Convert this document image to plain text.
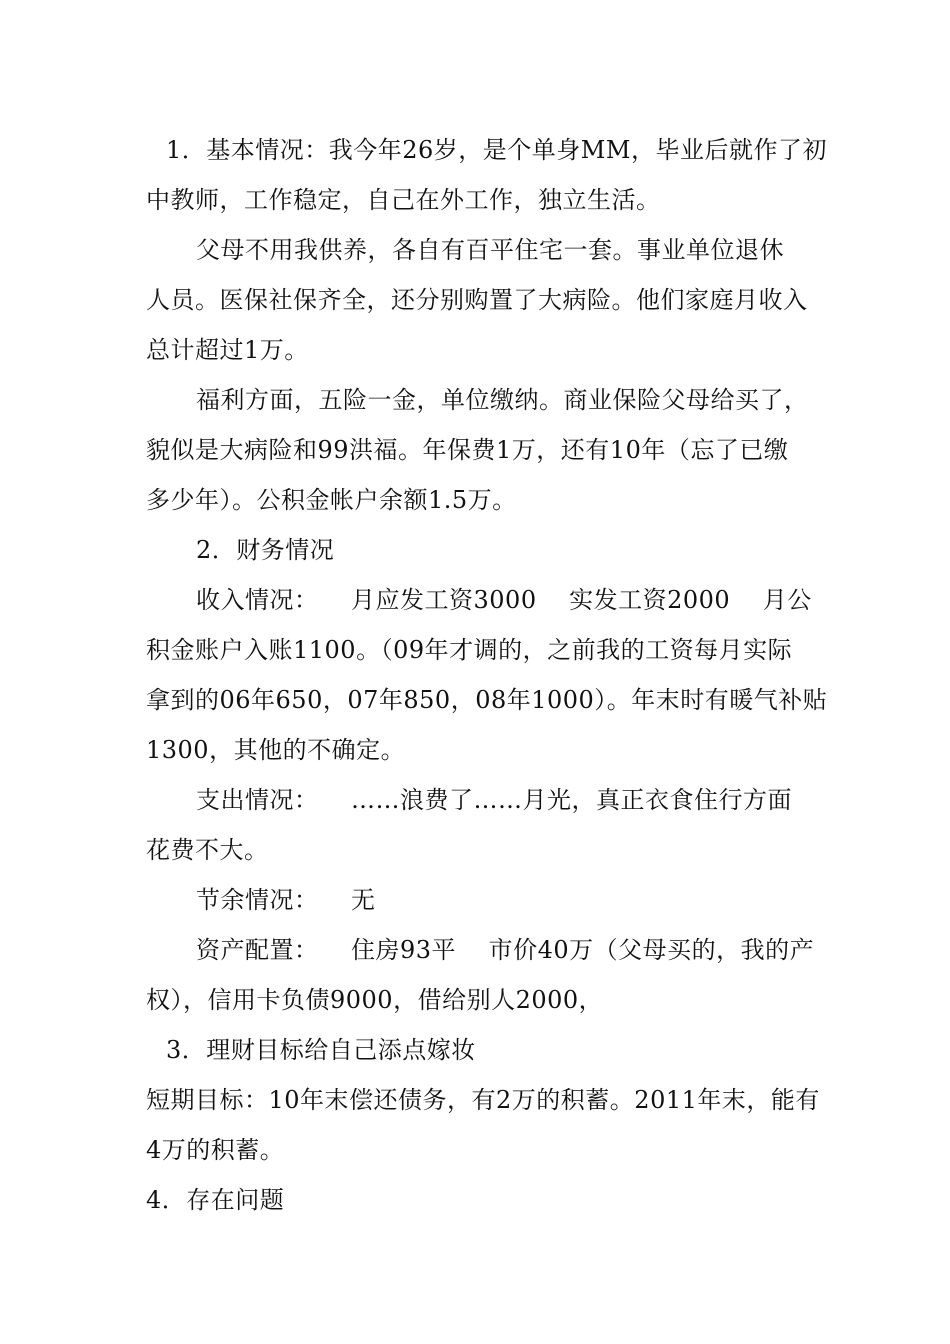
1．基本情况：我今年26岁，是个单身MM，毕业后就作了初
中教师，工作稳定，自己在外工作，独立生活。
父母不用我供养，各自有百平住宅一套。事业单位退休
人员。医保社保齐全，还分别购置了大病险。他们家庭月收入
总计超过1万。
福利方面，五险一金，单位缴纳。商业保险父母给买了，
貌似是大病险和99洪福。年保费1万，还有10年（忘了已缴
多少年）。公积金帐户余额1.5万。
2．财务情况
收入情况：    月应发工资3000    实发工资2000    月公
积金账户入账1100。（09年才调的，之前我的工资每月实际
拿到的06年650，07年850，08年1000）。年末时有暖气补贴
1300，其他的不确定。
支出情况：    ……浪费了……月光，真正衣食住行方面
花费不大。
节余情况：    无
资产配置：    住房93平    市价40万（父母买的，我的产
权），信用卡负债9000，借给别人2000，
3．理财目标给自己添点嫁妆
短期目标：10年末偿还债务，有2万的积蓄。2011年末，能有
4万的积蓄。
4．存在问题
